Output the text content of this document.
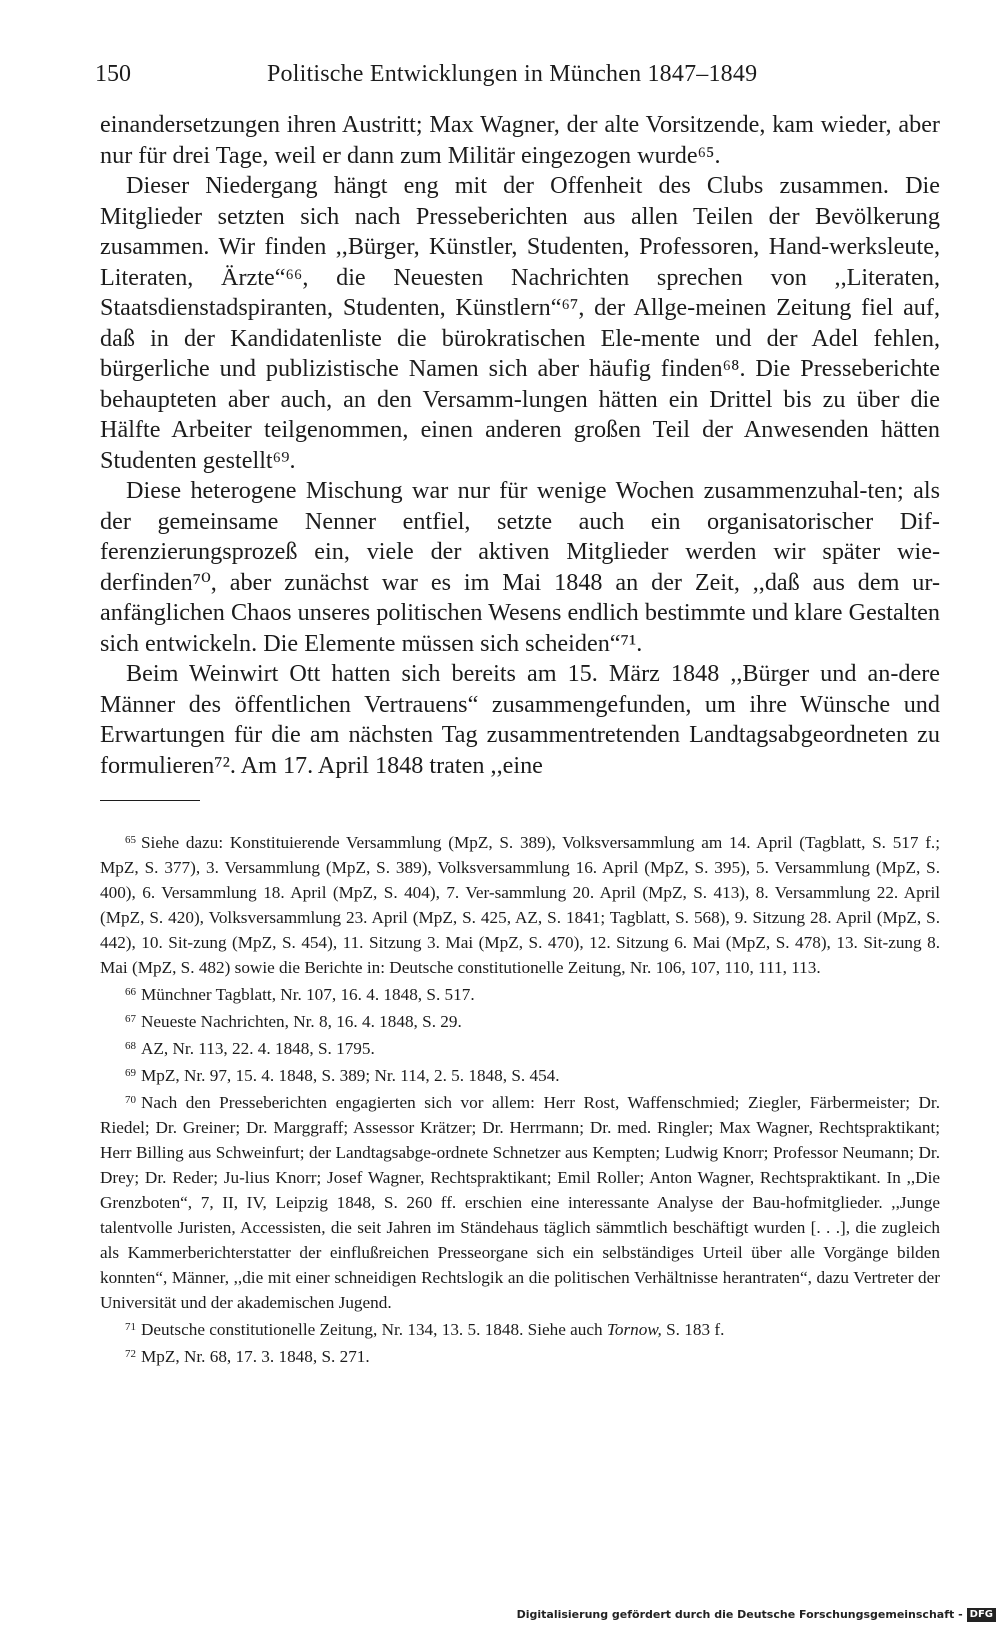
150	Politische Entwicklungen in München 1847–1849

einandersetzungen ihren Austritt; Max Wagner, der alte Vorsitzende, kam wieder, aber nur für drei Tage, weil er dann zum Militär eingezogen wurde⁶⁵.

Dieser Niedergang hängt eng mit der Offenheit des Clubs zusammen. Die Mitglieder setzten sich nach Presseberichten aus allen Teilen der Bevölkerung zusammen. Wir finden ,,Bürger, Künstler, Studenten, Professoren, Hand-werksleute, Literaten, Ärzte“⁶⁶, die Neuesten Nachrichten sprechen von ,,Literaten, Staatsdienstadspiranten, Studenten, Künstlern“⁶⁷, der Allge-meinen Zeitung fiel auf, daß in der Kandidatenliste die bürokratischen Ele-mente und der Adel fehlen, bürgerliche und publizistische Namen sich aber häufig finden⁶⁸. Die Presseberichte behaupteten aber auch, an den Versamm-lungen hätten ein Drittel bis zu über die Hälfte Arbeiter teilgenommen, einen anderen großen Teil der Anwesenden hätten Studenten gestellt⁶⁹.

Diese heterogene Mischung war nur für wenige Wochen zusammenzuhal-ten; als der gemeinsame Nenner entfiel, setzte auch ein organisatorischer Dif-ferenzierungsprozeß ein, viele der aktiven Mitglieder werden wir später wie-derfinden⁷⁰, aber zunächst war es im Mai 1848 an der Zeit, ,,daß aus dem ur-anfänglichen Chaos unseres politischen Wesens endlich bestimmte und klare Gestalten sich entwickeln. Die Elemente müssen sich scheiden“⁷¹.

Beim Weinwirt Ott hatten sich bereits am 15. März 1848 ,,Bürger und an-dere Männer des öffentlichen Vertrauens“ zusammengefunden, um ihre Wünsche und Erwartungen für die am nächsten Tag zusammentretenden Landtagsabgeordneten zu formulieren⁷². Am 17. April 1848 traten ,,eine

65 Siehe dazu: Konstituierende Versammlung (MpZ, S. 389), Volksversammlung am 14. April (Tagblatt, S. 517 f.; MpZ, S. 377), 3. Versammlung (MpZ, S. 389), Volksversammlung 16. April (MpZ, S. 395), 5. Versammlung (MpZ, S. 400), 6. Versammlung 18. April (MpZ, S. 404), 7. Ver-sammlung 20. April (MpZ, S. 413), 8. Versammlung 22. April (MpZ, S. 420), Volksversammlung 23. April (MpZ, S. 425, AZ, S. 1841; Tagblatt, S. 568), 9. Sitzung 28. April (MpZ, S. 442), 10. Sit-zung (MpZ, S. 454), 11. Sitzung 3. Mai (MpZ, S. 470), 12. Sitzung 6. Mai (MpZ, S. 478), 13. Sit-zung 8. Mai (MpZ, S. 482) sowie die Berichte in: Deutsche constitutionelle Zeitung, Nr. 106, 107, 110, 111, 113.

66 Münchner Tagblatt, Nr. 107, 16. 4. 1848, S. 517.

67 Neueste Nachrichten, Nr. 8, 16. 4. 1848, S. 29.

68 AZ, Nr. 113, 22. 4. 1848, S. 1795.

69 MpZ, Nr. 97, 15. 4. 1848, S. 389; Nr. 114, 2. 5. 1848, S. 454.

70 Nach den Presseberichten engagierten sich vor allem: Herr Rost, Waffenschmied; Ziegler, Färbermeister; Dr. Riedel; Dr. Greiner; Dr. Marggraff; Assessor Krätzer; Dr. Herrmann; Dr. med. Ringler; Max Wagner, Rechtspraktikant; Herr Billing aus Schweinfurt; der Landtagsabge-ordnete Schnetzer aus Kempten; Ludwig Knorr; Professor Neumann; Dr. Drey; Dr. Reder; Ju-lius Knorr; Josef Wagner, Rechtspraktikant; Emil Roller; Anton Wagner, Rechtspraktikant. In ,,Die Grenzboten“, 7, II, IV, Leipzig 1848, S. 260 ff. erschien eine interessante Analyse der Bau-hofmitglieder. ,,Junge talentvolle Juristen, Accessisten, die seit Jahren im Ständehaus täglich sämmtlich beschäftigt wurden [. . .], die zugleich als Kammerberichterstatter der einflußreichen Presseorgane sich ein selbständiges Urteil über alle Vorgänge bilden konnten“, Männer, ,,die mit einer schneidigen Rechtslogik an die politischen Verhältnisse herantraten“, dazu Vertreter der Universität und der akademischen Jugend.

71 Deutsche constitutionelle Zeitung, Nr. 134, 13. 5. 1848. Siehe auch Tornow, S. 183 f.

72 MpZ, Nr. 68, 17. 3. 1848, S. 271.

Digitalisierung gefördert durch die Deutsche Forschungsgemeinschaft - DFG
